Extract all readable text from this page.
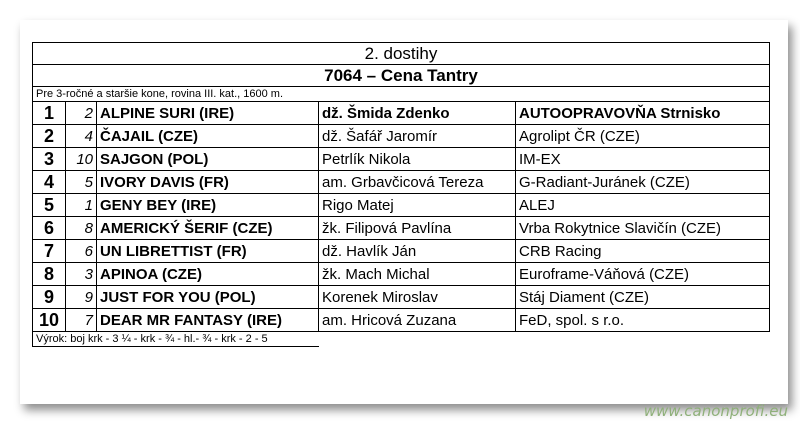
2. dostihy				
7064 – Cena Tantry				
Pre 3-ročné a staršie kone, rovina III. kat., 1600 m.				
1	2	ALPINE SURI (IRE)	dž. Šmida Zdenko	AUTOOPRAVOVŇA Strnisko
2	4	ČAJAIL (CZE)	dž. Šafář Jaromír	Agrolipt ČR (CZE)
3	10	SAJGON (POL)	Petrlík Nikola	IM-EX
4	5	IVORY DAVIS (FR)	am. Grbavčicová Tereza	G-Radiant-Juránek (CZE)
5	1	GENY BEY (IRE)	Rigo Matej	ALEJ
6	8	AMERICKÝ ŠERIF (CZE)	žk. Filipová Pavlína	Vrba Rokytnice Slavičín (CZE)
7	6	UN LIBRETTIST (FR)	dž. Havlík Ján	CRB Racing
8	3	APINOA (CZE)	žk. Mach Michal	Euroframe-Váňová (CZE)
9	9	JUST FOR YOU (POL)	Korenek Miroslav	Stáj Diament (CZE)
10	7	DEAR MR FANTASY (IRE)	am. Hricová Zuzana	FeD, spol. s r.o.
Výrok: boj krk - 3 ¼ - krk - ¾ - hl.- ¾ - krk - 2 - 5				
www.canonprofi.eu
